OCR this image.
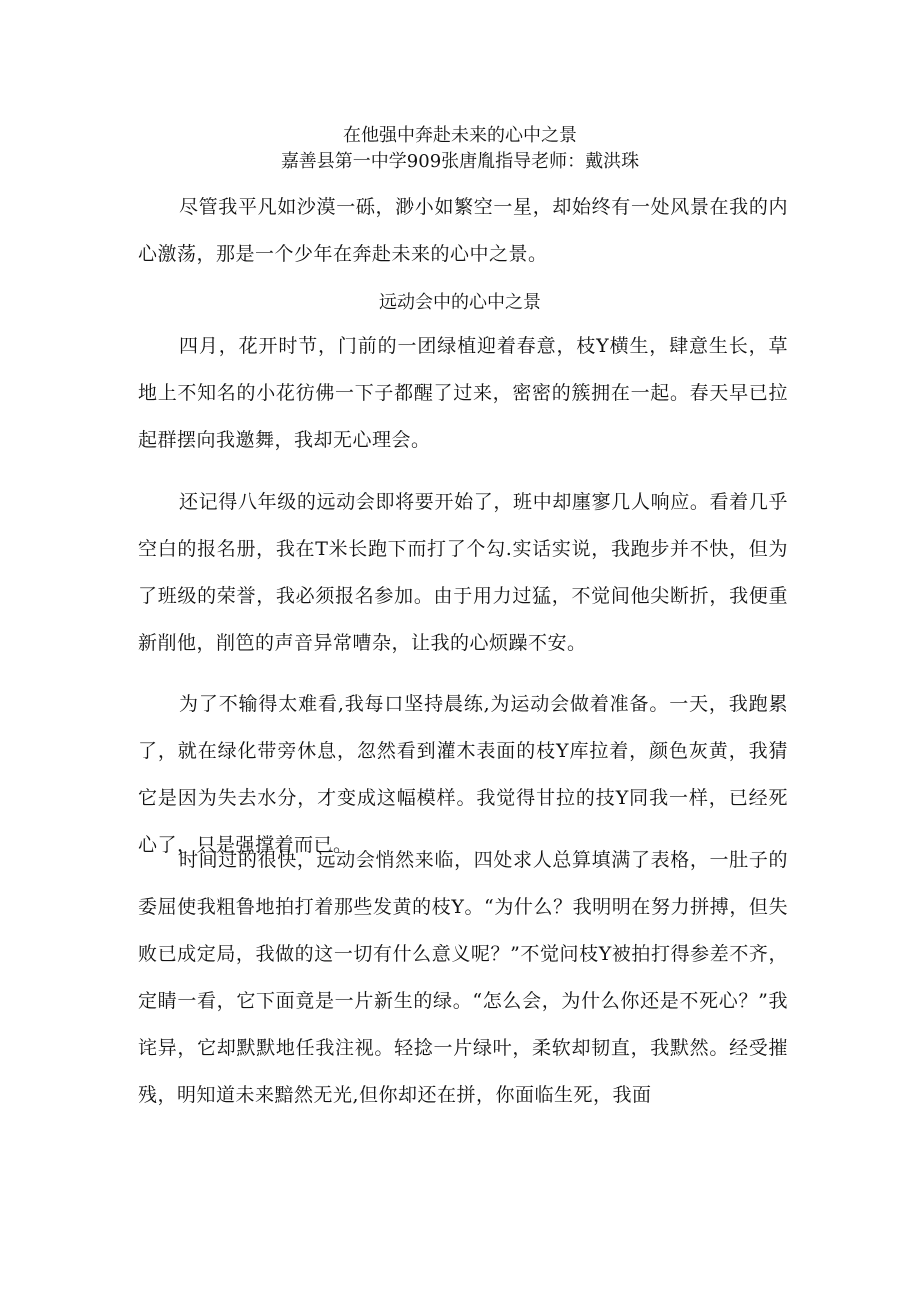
在他强中奔赴未来的心中之景
嘉善县第一中学909张唐胤指导老师：戴洪珠

尽管我平凡如沙漠一砾，渺小如繁空一星，却始终有一处风景在我的内心激荡，那是一个少年在奔赴未来的心中之景。

远动会中的心中之景

四月，花开时节，门前的一团绿植迎着春意，枝Y横生，肆意生长，草地上不知名的小花彷佛一下子都醒了过来，密密的簇拥在一起。春天早已拉起群摆向我邀舞，我却无心理会。

还记得八年级的远动会即将要开始了，班中却廛寥几人响应。看着几乎空白的报名册，我在T米长跑下而打了个勾.实话实说，我跑步并不快，但为了班级的荣誉，我必须报名参加。由于用力过猛，不觉间他尖断折，我便重新削他，削笆的声音异常嘈杂，让我的心烦躁不安。

为了不输得太难看,我每口坚持晨练,为运动会做着准备。一天，我跑累了，就在绿化带旁休息，忽然看到灌木表面的枝Y库拉着，颜色灰黄，我猜它是因为失去水分，才变成这幅模样。我觉得甘拉的技Y同我一样，已经死心了，只是强撑着而已。

时间过的很快，远动会悄然来临，四处求人总算填满了表格，一肚子的委屈使我粗鲁地拍打着那些发黄的枝Y。“为什么？我明明在努力拼搏，但失败已成定局，我做的这一切有什么意义呢？”不觉问枝Y被拍打得参差不齐，定睛一看，它下面竟是一片新生的绿。“怎么会，为什么你还是不死心？”我诧异，它却默默地任我注视。轻捻一片绿叶，柔软却韧直，我默然。经受摧残，明知道未来黯然无光,但你却还在拼，你面临生死，我面
